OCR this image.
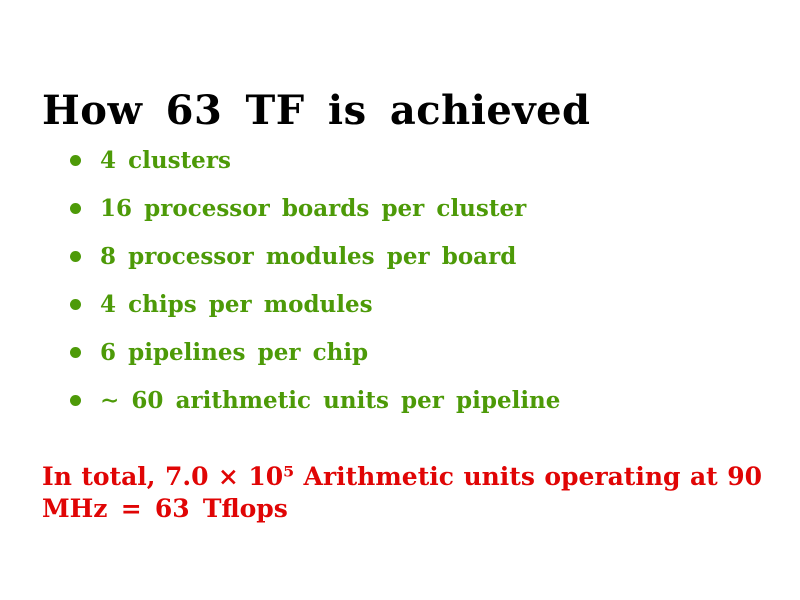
How 63 TF is achieved
4 clusters
16 processor boards per cluster
8 processor modules per board
4 chips per modules
6 pipelines per chip
∼ 60 arithmetic units per pipeline
In total, 7.0 × 10⁵ Arithmetic units operating at 90
MHz = 63 Tflops
